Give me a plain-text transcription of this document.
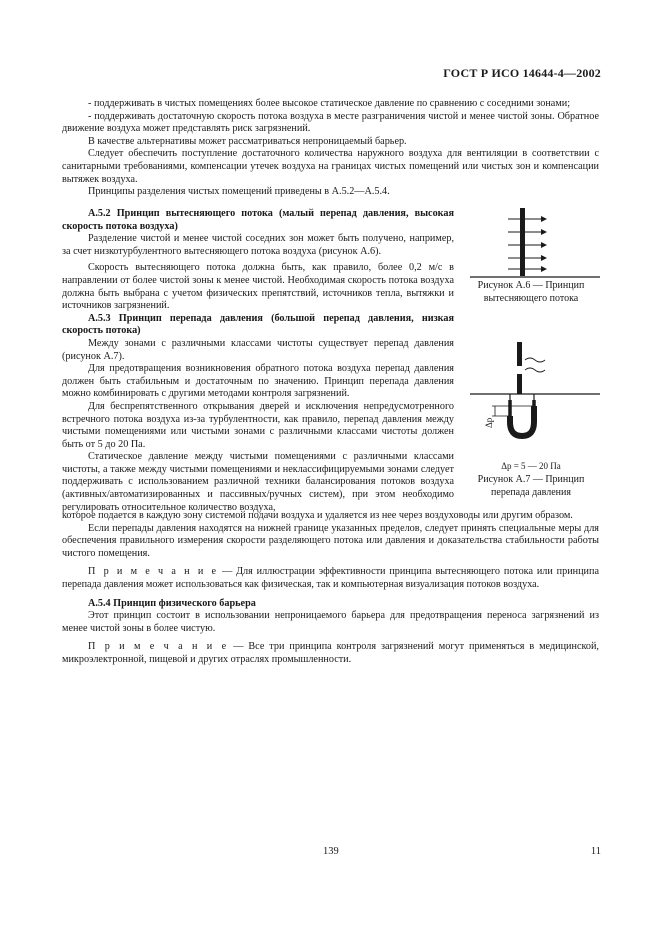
ГОСТ Р ИСО 14644-4—2002

- поддерживать в чистых помещениях более высокое статическое давление по сравнению с соседними зонами;

- поддерживать достаточную скорость потока воздуха в месте разграничения чистой и менее чистой зоны. Обратное движение воздуха может представлять риск загрязнений.

В качестве альтернативы может рассматриваться непроницаемый барьер.

Следует обеспечить поступление достаточного количества наружного воздуха для вентиляции в соответствии с санитарными требованиями, компенсации утечек воздуха на границах чистых помещений или чистых зон и компенсации вытяжек воздуха.

Принципы разделения чистых помещений приведены в А.5.2—А.5.4.

А.5.2 Принцип вытесняющего потока (малый перепад давления, высокая скорость потока воздуха)

Разделение чистой и менее чистой соседних зон может быть получено, например, за счет низкотурбулентного вытесняющего потока воздуха (рисунок А.6).

Скорость вытесняющего потока должна быть, как правило, более 0,2 м/с в направлении от более чистой зоны к менее чистой. Необходимая скорость потока воздуха должна быть выбрана с учетом физических препятствий, источников тепла, вытяжки и источников загрязнений.

А.5.3 Принцип перепада давления (большой перепад давления, низкая скорость потока)

Между зонами с различными классами чистоты существует перепад давления (рисунок А.7).

Для предотвращения возникновения обратного потока воздуха перепад давления должен быть стабильным и достаточным по значению. Принцип перепада давления можно комбинировать с другими методами контроля загрязнений.

Для беспрепятственного открывания дверей и исключения непредусмотренного встречного потока воздуха из-за турбулентности, как правило, перепад давления между чистыми помещениями или чистыми зонами с различными классами чистоты должен быть от 5 до 20 Па.

Статическое давление между чистыми помещениями с различными классами чистоты, а также между чистыми помещениями и неклассифицируемыми зонами следует поддерживать с использованием различной техники балансирования потоков воздуха (активных/автоматизированных и пассивных/ручных систем), при этом необходимо регулировать относительное количество воздуха,

которое подается в каждую зону системой подачи воздуха и удаляется из нее через воздуховоды или другим образом.

Если перепады давления находятся на нижней границе указанных пределов, следует принять специальные меры для обеспечения правильного измерения скорости разделяющего потока или давления и доказательства стабильности работы чистого помещения.

П р и м е ч а н и е — Для иллюстрации эффективности принципа вытесняющего потока или принципа перепада давления может использоваться как физическая, так и компьютерная визуализация потоков воздуха.

А.5.4 Принцип физического барьера

Этот принцип состоит в использовании непроницаемого барьера для предотвращения переноса загрязнений из менее чистой зоны в более чистую.

П р и м е ч а н и е — Все три принципа контроля загрязнений могут применяться в медицинской, микроэлектронной, пищевой и других отраслях промышленности.

Рисунок А.6 — Принцип вытесняющего потока
Δp
Δp = 5 — 20 Па
Рисунок А.7 — Принцип перепада давления
139	11
